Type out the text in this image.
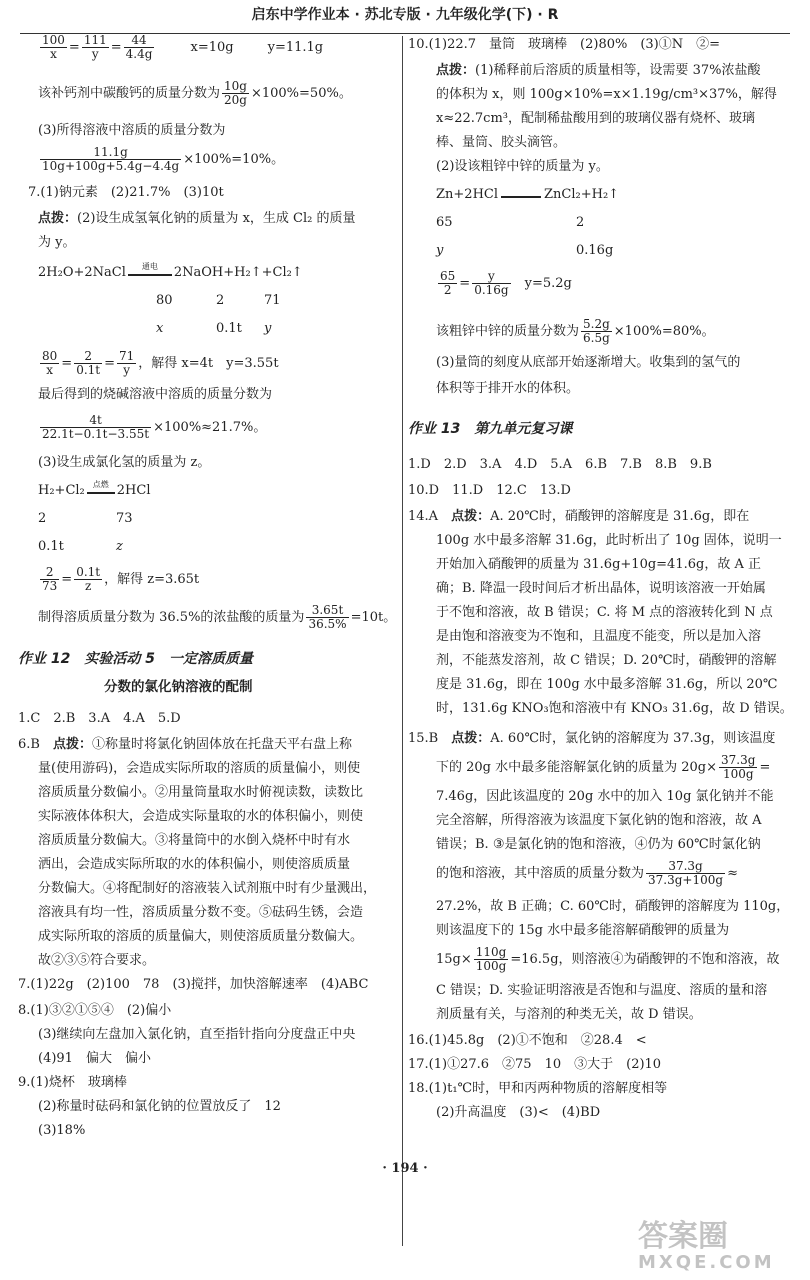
启东中学作业本 · 苏北专版 · 九年级化学(下) · R
$\frac{100}{x} = \frac{111}{y} = \frac{44}{4.4g}$	x=10g	y=11.1g
该补钙剂中碳酸钙的质量分数为 $\frac{10g}{20g} \times 100\%=50\%$。
(3)所得溶液中溶质的质量分数为
$\frac{11.1g}{10g+100g+5.4g-4.4g} \times 100\%=10\%$。
7.(1)钠元素　(2)21.7%　(3)10t
点拨：(2)设生成氢氧化钠的质量为 x，生成 Cl₂ 的质量
为 y。
2H₂O+2NaCl	通电	2NaOH+H₂↑+Cl₂↑
80	2	71
x	0.1t y
$\frac{80}{x} = \frac{2}{0.1t} = \frac{71}{y}$ ，解得 x=4t　y=3.55t
最后得到的烧碱溶液中溶质的质量分数为
$\frac{4t}{22.1t-0.1t-3.55t} \times 100\%\approx 21.7\%$。
(3)设生成氯化氢的质量为 z。
H₂+Cl₂	点燃 2HCl
2	73
0.1t	z
$\frac{2}{73} = \frac{0.1t}{z}$ ，解得 z=3.65t
制得溶质质量分数为 36.5%的浓盐酸的质量为 $\frac{3.65t}{36.5\%} =10t$。
作业 12　实验活动 5　一定溶质质量
分数的氯化钠溶液的配制
1.C　2.B　3.A　4.A　5.D
6.B　 点拨：①称量时将氯化钠固体放在托盘天平右盘上称
量(使用游码)，会造成实际所取的溶质的质量偏小，则使
溶质质量分数偏小。②用量筒量取水时俯视读数，读数比
实际液体体积大，会造成实际量取的水的体积偏小，则使
溶质质量分数偏大。③将量筒中的水倒入烧杯中时有水
洒出，会造成实际所取的水的体积偏小，则使溶质质量
分数偏大。④将配制好的溶液装入试剂瓶中时有少量溅出，
溶液具有均一性，溶质质量分数不变。⑤砝码生锈，会造
成实际所取的溶质的质量偏大，则使溶质质量分数偏大。
故②③⑤符合要求。
7.(1)22g　(2)100　78　(3)搅拌，加快溶解速率　(4)ABC
8.(1)③②①⑤④　(2)偏小
(3)继续向左盘加入氯化钠，直至指针指向分度盘正中央
(4)91　偏大　偏小
9.(1)烧杯　玻璃棒
(2)称量时砝码和氯化钠的位置放反了　12
(3)18%
10.(1)22.7　量筒　玻璃棒　(2)80%　(3)①N　②=
点拨：(1)稀释前后溶质的质量相等，设需要 37%浓盐酸
的体积为 x，则 100g×10%=x×1.19g/cm³×37%，解得
x≈22.7cm³，配制稀盐酸用到的玻璃仪器有烧杯、玻璃
棒、量筒、胶头滴管。
(2)设该粗锌中锌的质量为 y。
Zn+2HCl	ZnCl₂+H₂↑
65	2
y	0.16g
$\frac{65}{2} = \frac{y}{0.16g} y=5.2g$
该粗锌中锌的质量分数为 $\frac{5.2g}{6.5g} \times 100\%=80\%$。
(3)量筒的刻度从底部开始逐渐增大。收集到的氢气的
体积等于排开水的体积。
作业 13　第九单元复习课
1.D　2.D　3.A　4.D　5.A　6.B　7.B　8.B　9.B
10.D　11.D　12.C　13.D
14.A　 点拨：A. 20℃时，硝酸钾的溶解度是 31.6g，即在
100g 水中最多溶解 31.6g，此时析出了 10g 固体，说明一
开始加入硝酸钾的质量为 31.6g+10g=41.6g，故 A 正
确；B. 降温一段时间后才析出晶体，说明该溶液一开始属
于不饱和溶液，故 B 错误；C. 将 M 点的溶液转化到 N 点
是由饱和溶液变为不饱和，且温度不能变，所以是加入溶
剂，不能蒸发溶剂，故 C 错误；D. 20℃时，硝酸钾的溶解
度是 31.6g，即在 100g 水中最多溶解 31.6g，所以 20℃
时，131.6g KNO₃饱和溶液中有 KNO₃ 31.6g，故 D 错误。
15.B　 点拨：A. 60℃时，氯化钠的溶解度为 37.3g，则该温度
下的 20g 水中最多能溶解氯化钠的质量为 $20g\times \frac{37.3g}{100g}$ =
7.46g，因此该温度的 20g 水中的加入 10g 氯化钠并不能
完全溶解，所得溶液为该温度下氯化钠的饱和溶液，故 A
错误；B. ③是氯化钠的饱和溶液，④仍为 60℃时氯化钠
的饱和溶液，其中溶质的质量分数为 $\frac{37.3g}{37.3g+100g}$ ≈
27.2%，故 B 正确；C. 60℃时，硝酸钾的溶解度为 110g，
则该温度下的 15g 水中最多能溶解硝酸钾的质量为
$15g\times \frac{110g}{100g} =16.5g$，则溶液④为硝酸钾的不饱和溶液，故
C 错误；D. 实验证明溶液是否饱和与温度、溶质的量和溶
剂质量有关，与溶剂的种类无关，故 D 错误。
16.(1)45.8g　(2)①不饱和　②28.4　<
17.(1)①27.6　②75　10　③大于　(2)10
18.(1)t₁℃时，甲和丙两种物质的溶解度相等
(2)升高温度　(3)<　(4)BD
· 194 ·
答案圈
MXQE.COM
